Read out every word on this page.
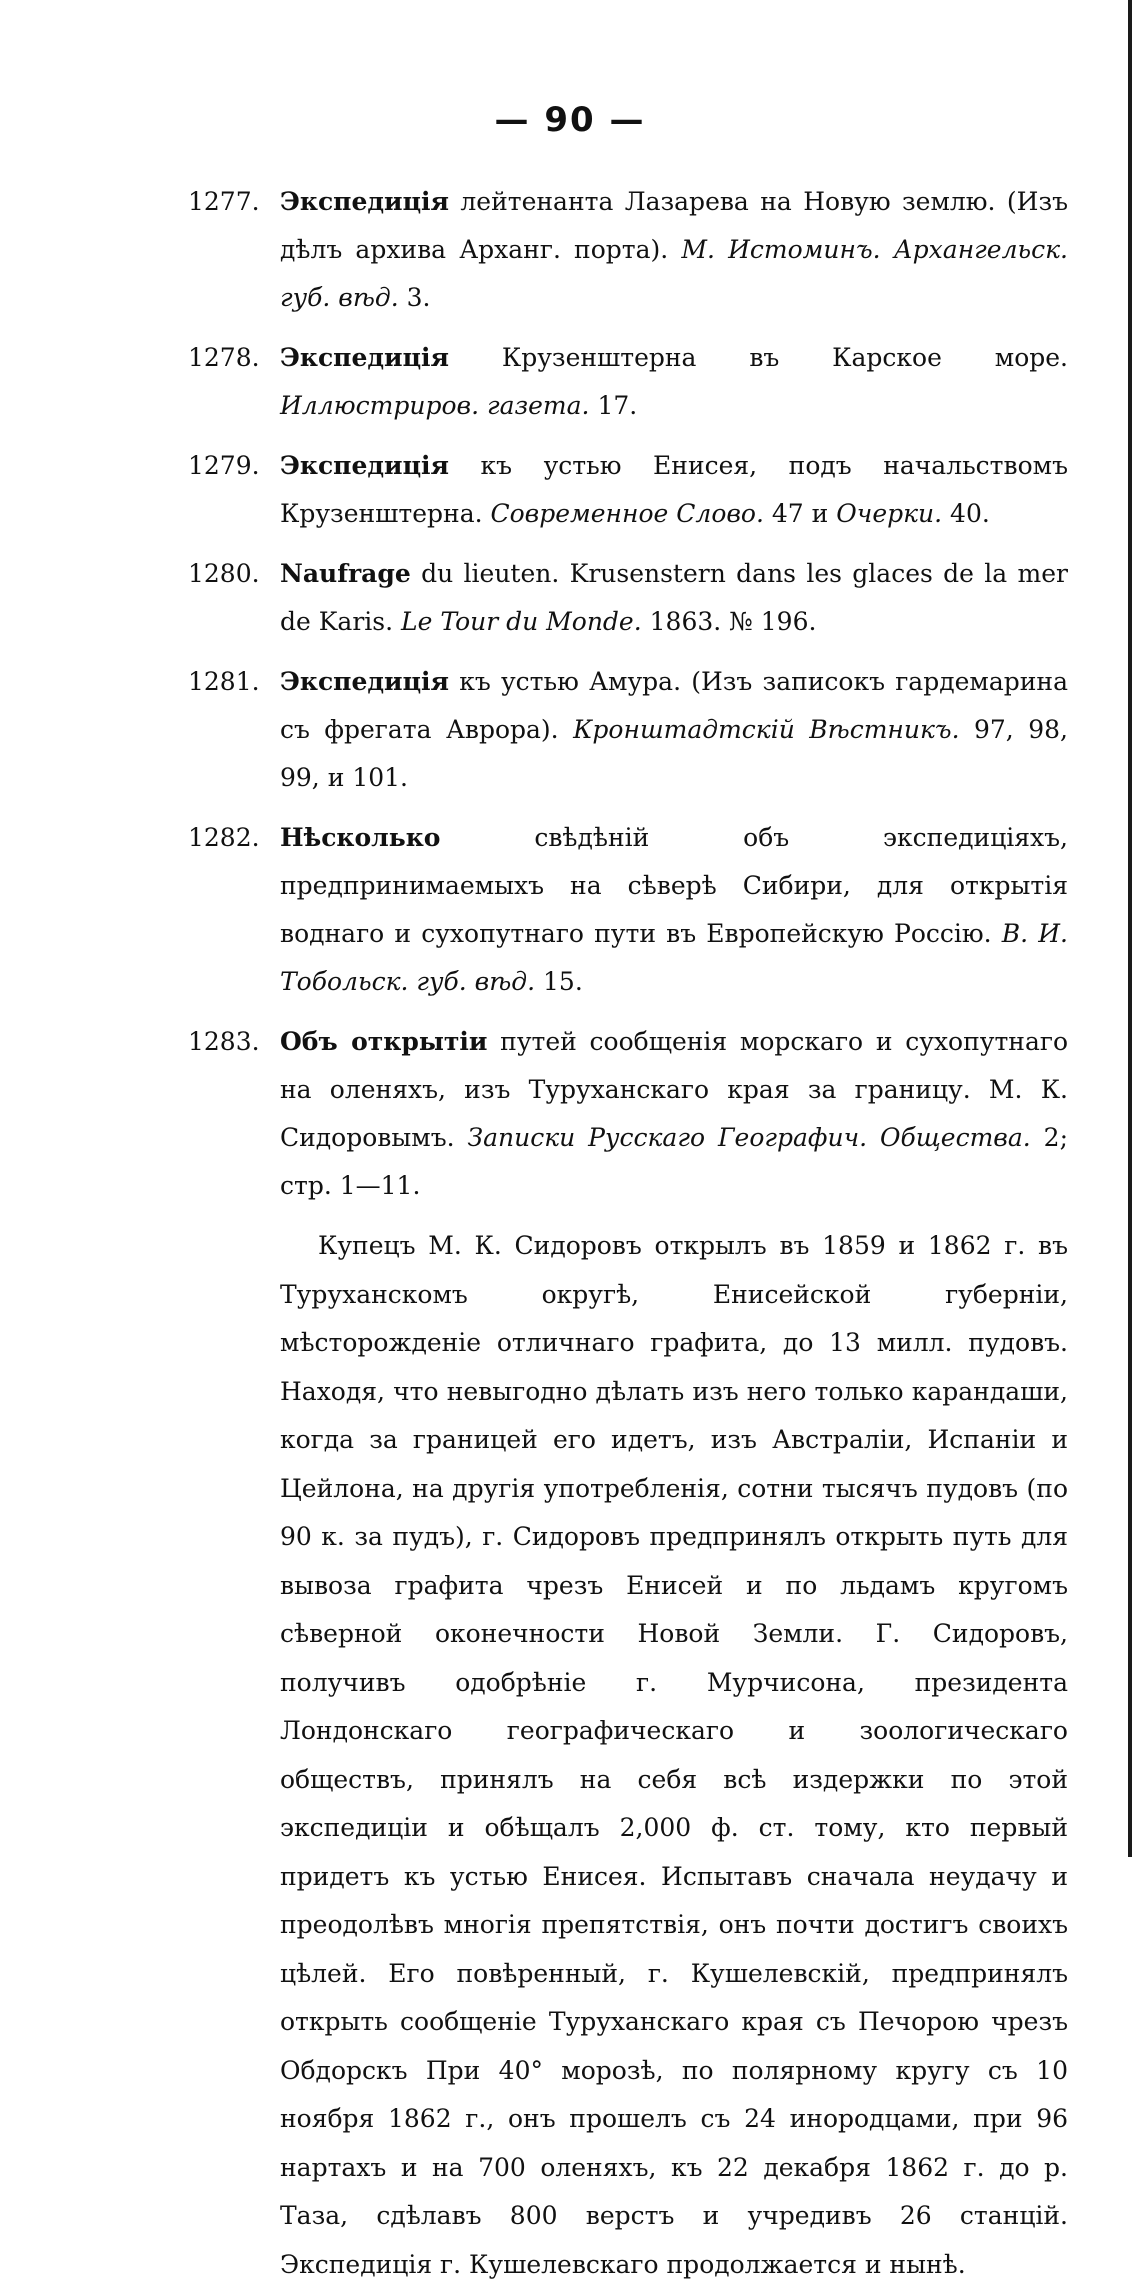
— 90 —
1277. Экспедиція лейтенанта Лазарева на Новую землю. (Изъ дѣлъ архива Арханг. порта). М. Истоминъ. Архангельск. губ. вѣд. 3.
1278. Экспедиція Крузенштерна въ Карское море. Иллюстриров. газета. 17.
1279. Экспедиція къ устью Енисея, подъ начальствомъ Крузенштерна. Современное Слово. 47 и Очерки. 40.
1280. Naufrage du lieuten. Krusenstern dans les glaces de la mer de Karis. Le Tour du Monde. 1863. № 196.
1281. Экспедиція къ устью Амура. (Изъ записокъ гардемарина съ фрегата Аврора). Кронштадтскій Вѣстникъ. 97, 98, 99, и 101.
1282. Нѣсколько свѣдѣній объ экспедиціяхъ, предпринимаемыхъ на сѣверѣ Сибири, для открытія воднаго и сухопутнаго пути въ Европейскую Россію. В. И. Тобольск. губ. вѣд. 15.
1283. Объ открытіи путей сообщенія морскаго и сухопутнаго на оленяхъ, изъ Туруханскаго края за границу. М. К. Сидоровымъ. Записки Русскаго Географич. Общества. 2; стр. 1—11.

Купецъ М. К. Сидоровъ открылъ въ 1859 и 1862 г. въ Туруханскомъ округѣ, Енисейской губерніи, мѣсторожденіе отличнаго графита, до 13 милл. пудовъ. Находя, что невыгодно дѣлать изъ него только карандаши, когда за границей его идетъ, изъ Австраліи, Испаніи и Цейлона, на другія употребленія, сотни тысячъ пудовъ (по 90 к. за пудъ), г. Сидоровъ предпринялъ открыть путь для вывоза графита чрезъ Енисей и по льдамъ кругомъ сѣверной оконечности Новой Земли. Г. Сидоровъ, получивъ одобрѣніе г. Мурчисона, президента Лондонскаго географическаго и зоологическаго обществъ, принялъ на себя всѣ издержки по этой экспедиціи и обѣщалъ 2,000 ф. ст. тому, кто первый придетъ къ устью Енисея. Испытавъ сначала неудачу и преодолѣвъ многія препятствія, онъ почти достигъ своихъ цѣлей. Его повѣренный, г. Кушелевскій, предпринялъ открыть сообщеніе Туруханскаго края съ Печорою чрезъ Обдорскъ При 40° морозѣ, по полярному кругу съ 10 ноября 1862 г., онъ прошелъ съ 24 инородцами, при 96 нартахъ и на 700 оленяхъ, къ 22 декабря 1862 г. до р. Таза, сдѣлавъ 800 верстъ и учредивъ 26 станцій. Экспедиція г. Кушелевскаго продолжается и нынѣ.
